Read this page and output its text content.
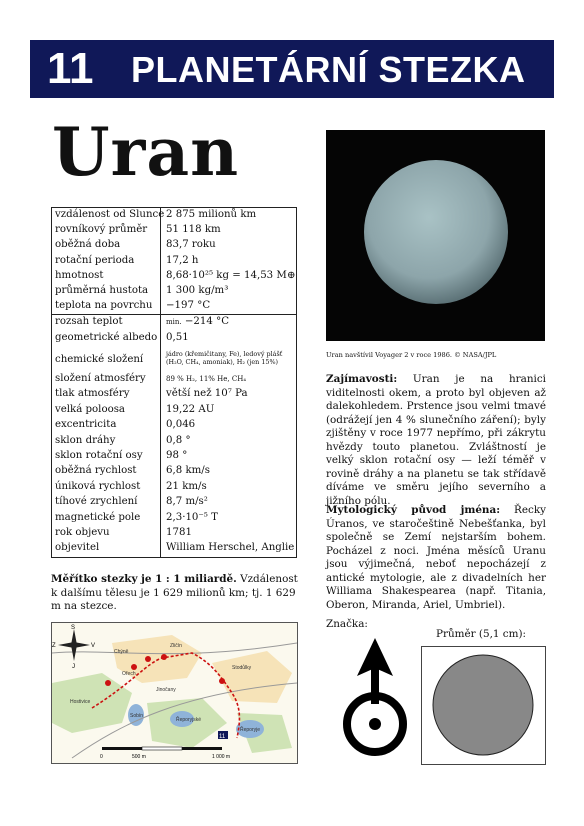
11 PLANETÁRNÍ STEZKA
Uran
vzdálenost od Slunce 2 875 milionů km
rovníkový průměr	51 118 km
oběžná doba	83,7 roku
rotační perioda	17,2 h
hmotnost	8,68·10²⁵ kg = 14,53 M⊕
průměrná hustota	1 300 kg/m³
teplota na povrchu	−197 °C
rozsah teplot	min. −214 °C
geometrické albedo 0,51
chemické složení	jádro (křemičitany, Fe), ledový plášť (H₂O, CH₄, amoniak), H₂ (jen 15%)
složení atmosféry	89 % H₂, 11% He, CH₄
tlak atmosféry	větší než 10⁷ Pa
velká poloosa	19,22 AU
excentricita	0,046
sklon dráhy	0,8 °
sklon rotační osy	98 °
oběžná rychlost	6,8 km/s
úniková rychlost	21 km/s
tíhové zrychlení	8,7 m/s²
magnetické pole	2,3·10⁻⁵ T
rok objevu	1781
objevitel	William Herschel, Anglie
Měřítko stezky je 1 : 1 miliardě. Vzdálenost k dalšímu tělesu je 1 629 milionů km; tj. 1 629 m na stezce.
11
S
J
Z	V
Chýně
Zličín
Ořech
Stodůlky
Hostivice
Jinočany
Řeporyje
Řeporyjské
Sobín
0	500 m	1 000 m
Uran navštívil Voyager 2 v roce 1986. © NASA/JPL
Zajímavosti: Uran je na hranici viditelnosti okem, a proto byl objeven až dalekohledem. Prstence jsou velmi tmavé (odrážejí jen 4 % slunečního záření); byly zjištěny v roce 1977 nepřímo, při zákrytu hvězdy touto planetou. Zvláštností je velký sklon rotační osy — leží téměř v rovině dráhy a na planetu se tak střídavě díváme ve směru jejího severního a jižního pólu.
Mytologický původ jména: Řecky Úranos, ve staročeštině Nebešťanka, byl společně se Zemí nejstarším bohem. Pocházel z noci. Jména měsíců Uranu jsou výjimečná, neboť nepocházejí z antické mytologie, ale z divadelních her Williama Shakespearea (např. Titania, Oberon, Miranda, Ariel, Umbriel).
Značka:
Průměr (5,1 cm):
